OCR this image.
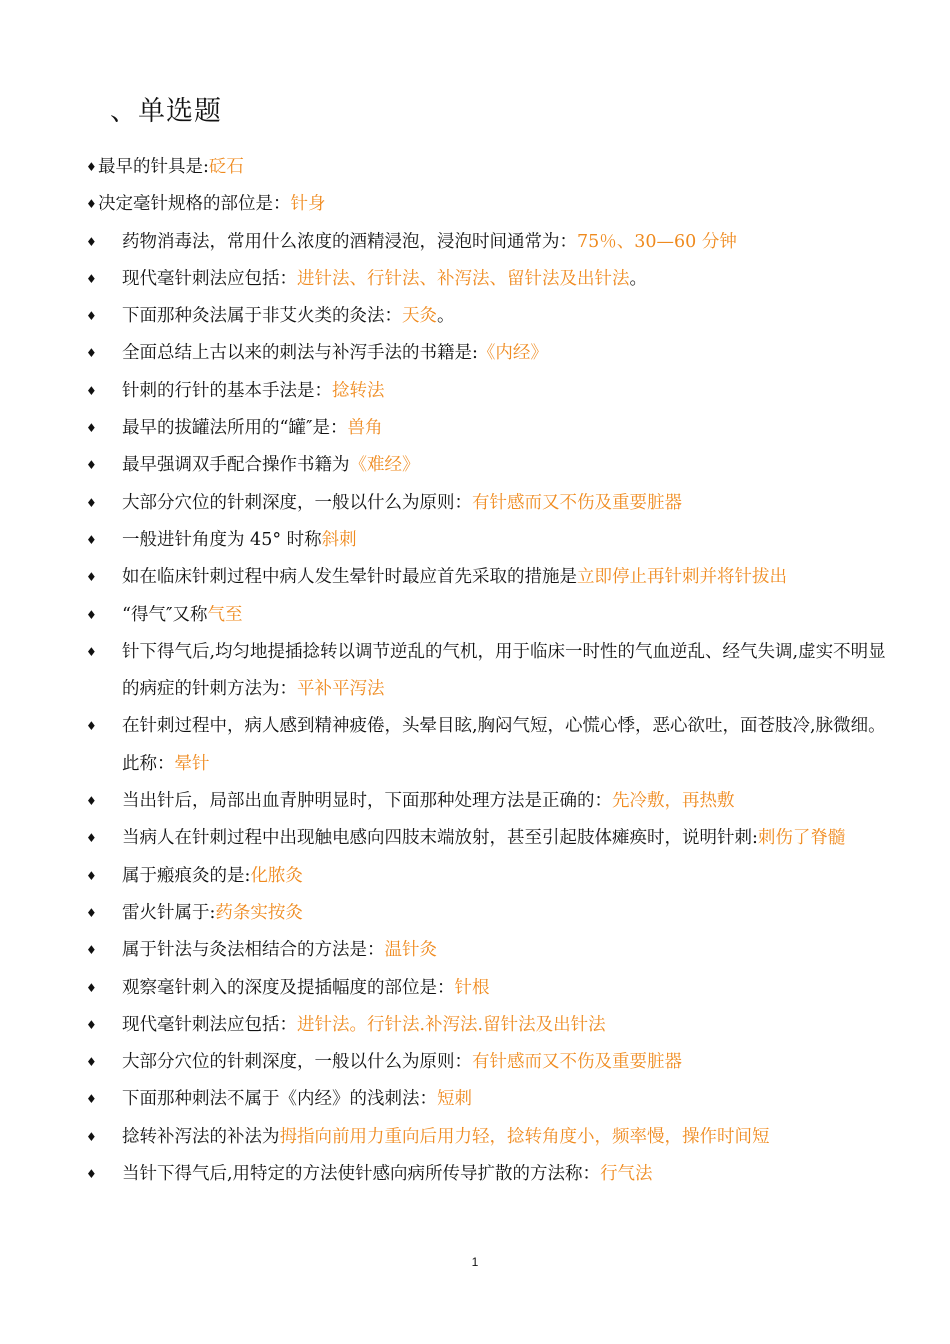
、单选题
♦ 最早的针具是:砭石
♦ 决定毫针规格的部位是：针身
♦ 药物消毒法，常用什么浓度的酒精浸泡，浸泡时间通常为：75％、30—60 分钟
♦ 现代毫针刺法应包括：进针法、行针法、补泻法、留针法及出针法。
♦ 下面那种灸法属于非艾火类的灸法：天灸。
♦ 全面总结上古以来的刺法与补泻手法的书籍是:《内经》
♦ 针刺的行针的基本手法是：捻转法
♦ 最早的拔罐法所用的“罐″是：兽角
♦ 最早强调双手配合操作书籍为《难经》
♦ 大部分穴位的针刺深度，一般以什么为原则：有针感而又不伤及重要脏器
♦ 一般进针角度为 45° 时称斜刺
♦ 如在临床针刺过程中病人发生晕针时最应首先采取的措施是立即停止再针刺并将针拔出
♦ “得气″又称气至
♦ 针下得气后,均匀地提插捻转以调节逆乱的气机，用于临床一时性的气血逆乱、经气失调,虚实不明显的病症的针刺方法为：平补平泻法
♦ 在针刺过程中，病人感到精神疲倦，头晕目眩,胸闷气短，心慌心悸，恶心欲吐，面苍肢冷,脉微细。此称：晕针
♦ 当出针后，局部出血青肿明显时，下面那种处理方法是正确的：先冷敷，再热敷
♦ 当病人在针刺过程中出现触电感向四肢末端放射，甚至引起肢体瘫痪时，说明针刺:刺伤了脊髓
♦ 属于瘢痕灸的是:化脓灸
♦ 雷火针属于:药条实按灸
♦ 属于针法与灸法相结合的方法是：温针灸
♦ 观察毫针刺入的深度及提插幅度的部位是：针根
♦ 现代毫针刺法应包括：进针法。行针法.补泻法.留针法及出针法
♦ 大部分穴位的针刺深度，一般以什么为原则：有针感而又不伤及重要脏器
♦ 下面那种刺法不属于《内经》的浅刺法：短刺
♦ 捻转补泻法的补法为拇指向前用力重向后用力轻，捻转角度小，频率慢，操作时间短
♦ 当针下得气后,用特定的方法使针感向病所传导扩散的方法称：行气法
1
